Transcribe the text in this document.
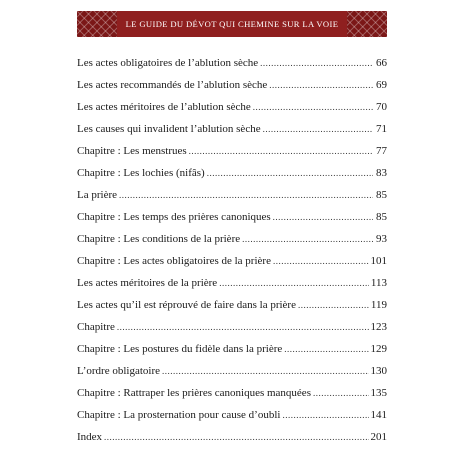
LE GUIDE DU DÉVOT QUI CHEMINE SUR LA VOIE
Les actes obligatoires de l’ablution sèche .....	66
Les actes recommandés de l’ablution sèche .....	69
Les actes méritoires de l’ablution sèche .....	70
Les causes qui invalident l’ablution sèche .....	71
Chapitre : Les menstrues .....	77
Chapitre : Les lochies (nifâs) .....	83
La prière .....	85
Chapitre : Les temps des prières canoniques .....	85
Chapitre : Les conditions de la prière .....	93
Chapitre : Les actes obligatoires de la prière .....	101
Les actes méritoires de la prière .....	113
Les actes qu’il est réprouvé de faire dans la prière .....	119
Chapitre .....	123
Chapitre : Les postures du fidèle dans la prière .....	129
L’ordre obligatoire .....	130
Chapitre : Rattraper les prières canoniques manquées .....	135
Chapitre : La prosternation pour cause d’oubli .....	141
Index .....	201
